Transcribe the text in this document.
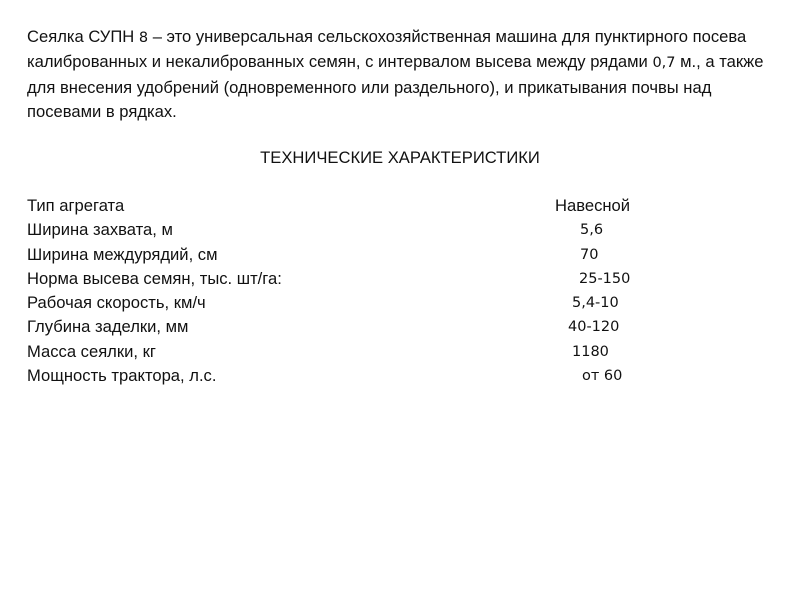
Сеялка СУПН 8 – это универсальная сельскохозяйственная машина для пунктирного посева калиброванных и некалиброванных семян, с интервалом высева между рядами 0,7 м., а также для внесения удобрений (одновременного или раздельного), и прикатывания почвы над посевами в рядках.

ТЕХНИЧЕСКИЕ ХАРАКТЕРИСТИКИ

Тип агрегата	Навесной
Ширина захвата, м	5,6
Ширина междурядий, см	70
Норма высева семян, тыс. шт/га:	25-150
Рабочая скорость, км/ч	5,4-10
Глубина заделки, мм	40-120
Масса сеялки, кг	1180
Мощность трактора, л.с.	от 60
